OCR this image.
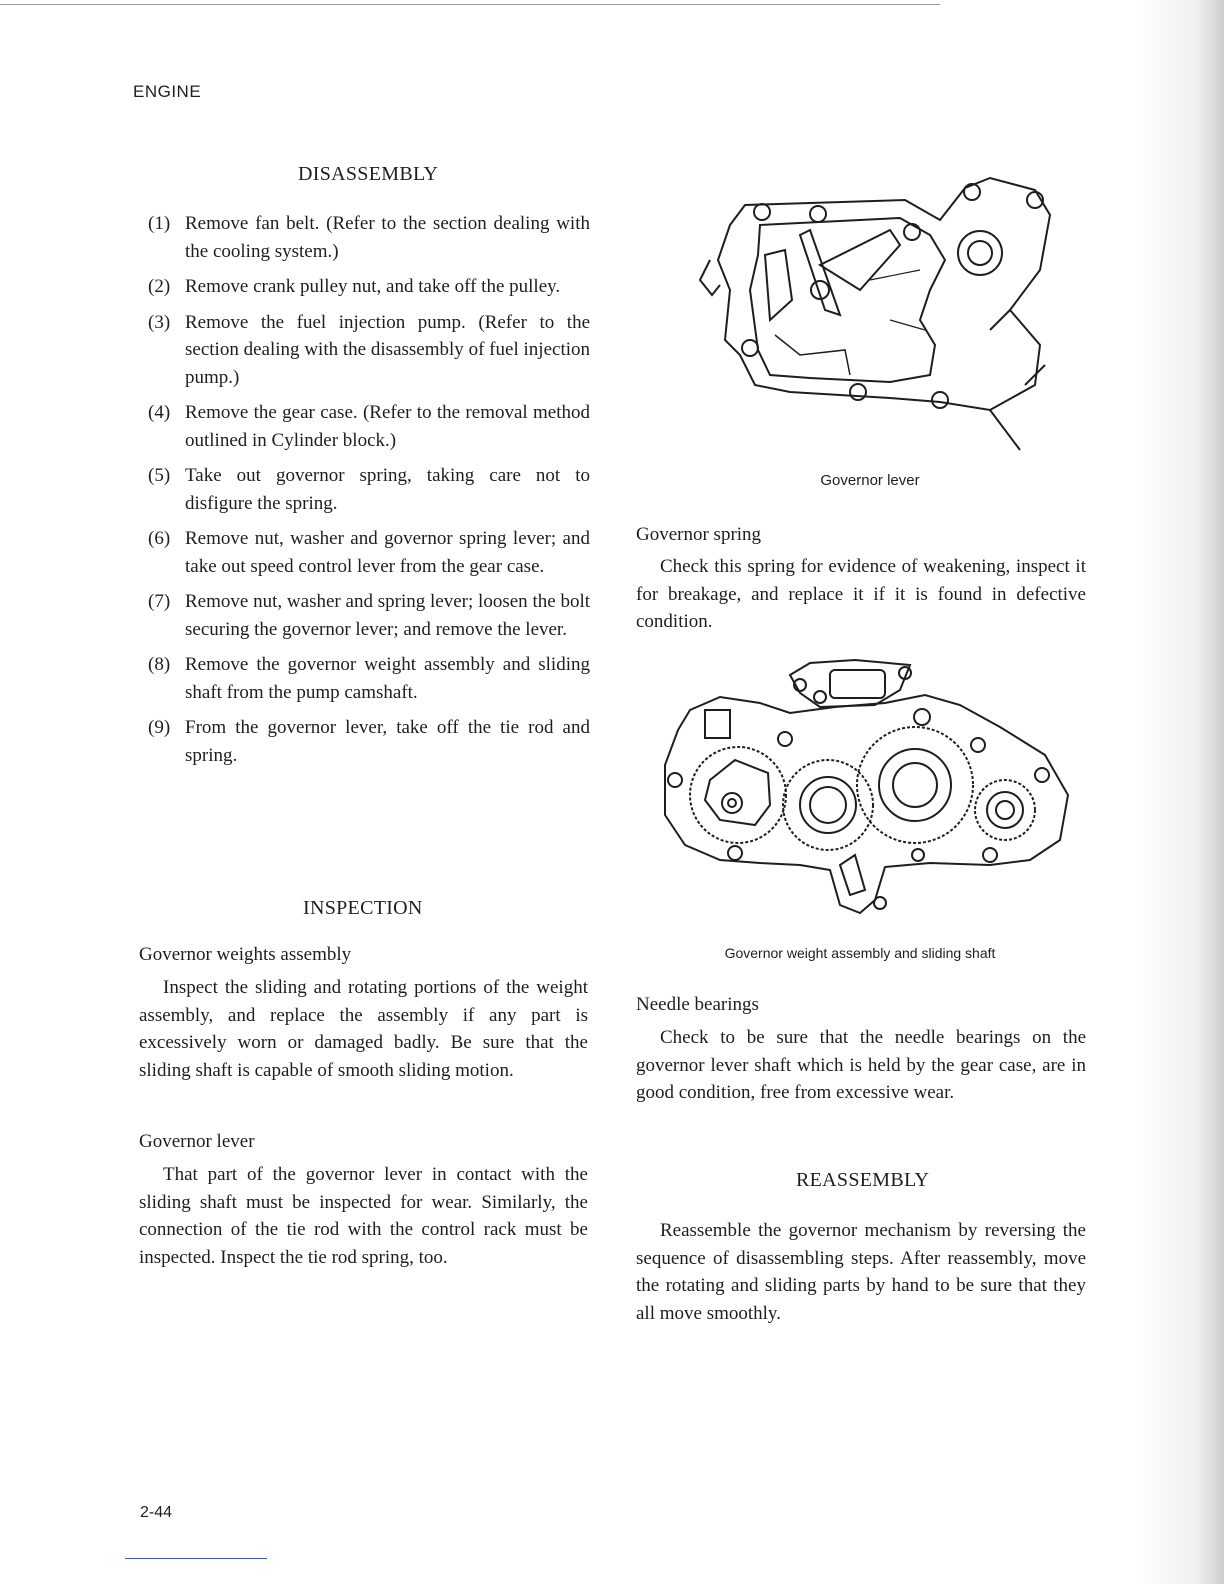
ENGINE
DISASSEMBLY
(1) Remove fan belt. (Refer to the section dealing with the cooling system.)
(2) Remove crank pulley nut, and take off the pulley.
(3) Remove the fuel injection pump. (Refer to the section dealing with the disassembly of fuel injection pump.)
(4) Remove the gear case. (Refer to the removal method outlined in Cylinder block.)
(5) Take out governor spring, taking care not to disfigure the spring.
(6) Remove nut, washer and governor spring lever; and take out speed control lever from the gear case.
(7) Remove nut, washer and spring lever; loosen the bolt securing the governor lever; and remove the lever.
(8) Remove the governor weight assembly and sliding shaft from the pump camshaft.
(9) From the governor lever, take off the tie rod and spring.
INSPECTION
Governor weights assembly
Inspect the sliding and rotating portions of the weight assembly, and replace the assembly if any part is excessively worn or damaged badly. Be sure that the sliding shaft is capable of smooth sliding motion.
Governor lever
That part of the governor lever in contact with the sliding shaft must be inspected for wear. Similarly, the connection of the tie rod with the control rack must be inspected. Inspect the tie rod spring, too.
Governor lever
Governor spring
Check this spring for evidence of weakening, inspect it for breakage, and replace it if it is found in defective condition.
Governor weight assembly and sliding shaft
Needle bearings
Check to be sure that the needle bearings on the governor lever shaft which is held by the gear case, are in good condition, free from excessive wear.
REASSEMBLY
Reassemble the governor mechanism by reversing the sequence of disassembling steps. After reassembly, move the rotating and sliding parts by hand to be sure that they all move smoothly.
2-44
